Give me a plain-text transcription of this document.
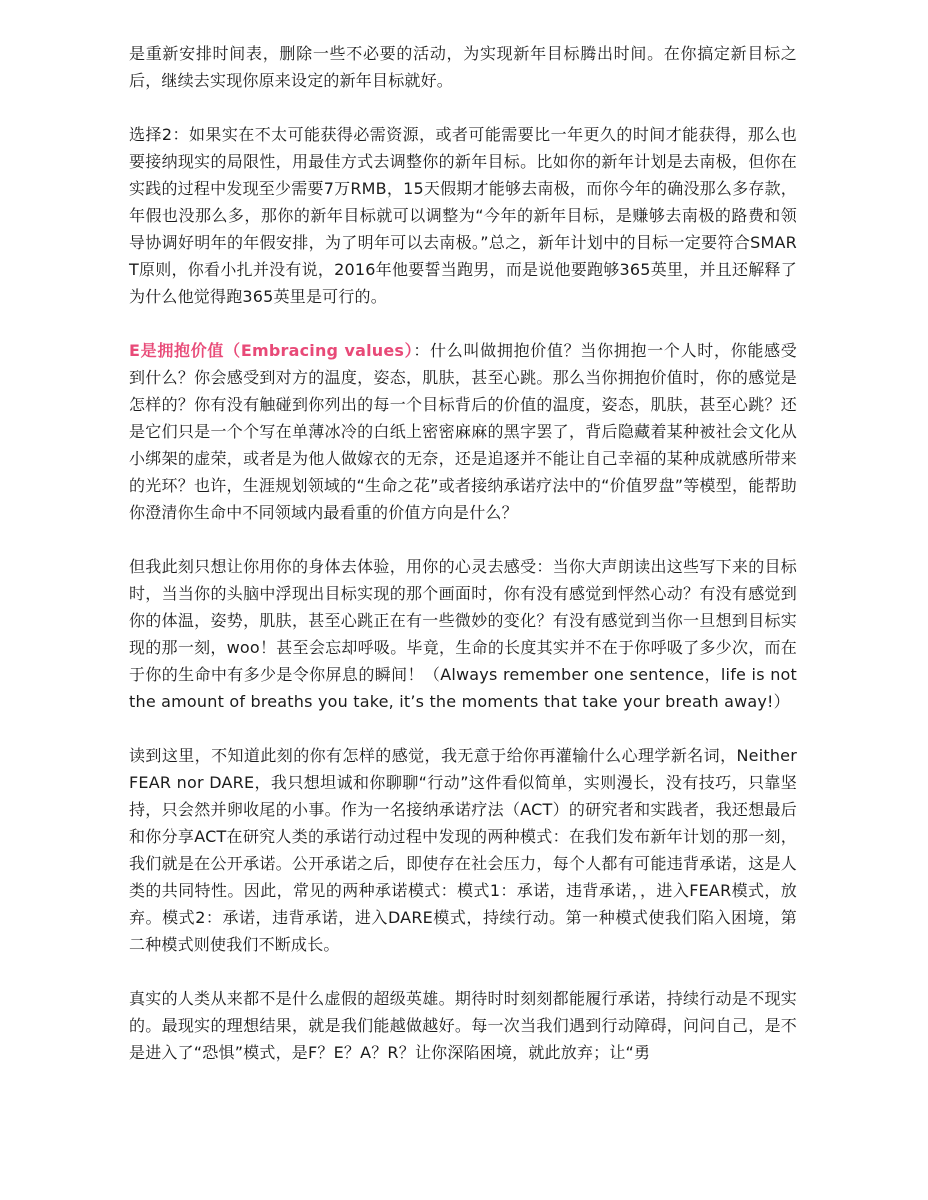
是重新安排时间表，删除一些不必要的活动，为实现新年目标腾出时间。在你搞定新目标之后，继续去实现你原来设定的新年目标就好。

选择2：如果实在不太可能获得必需资源，或者可能需要比一年更久的时间才能获得，那么也要接纳现实的局限性，用最佳方式去调整你的新年目标。比如你的新年计划是去南极，但你在实践的过程中发现至少需要7万RMB，15天假期才能够去南极，而你今年的确没那么多存款，年假也没那么多，那你的新年目标就可以调整为“今年的新年目标，是赚够去南极的路费和领导协调好明年的年假安排，为了明年可以去南极。”总之，新年计划中的目标一定要符合SMART原则，你看小扎并没有说，2016年他要誓当跑男，而是说他要跑够365英里，并且还解释了为什么他觉得跑365英里是可行的。

E是拥抱价值（Embracing values）：什么叫做拥抱价值？当你拥抱一个人时，你能感受到什么？你会感受到对方的温度，姿态，肌肤，甚至心跳。那么当你拥抱价值时，你的感觉是怎样的？你有没有触碰到你列出的每一个目标背后的价值的温度，姿态，肌肤，甚至心跳？还是它们只是一个个写在单薄冰冷的白纸上密密麻麻的黑字罢了，背后隐藏着某种被社会文化从小绑架的虚荣，或者是为他人做嫁衣的无奈，还是追逐并不能让自己幸福的某种成就感所带来的光环？也许，生涯规划领域的“生命之花”或者接纳承诺疗法中的“价值罗盘”等模型，能帮助你澄清你生命中不同领域内最看重的价值方向是什么？

但我此刻只想让你用你的身体去体验，用你的心灵去感受：当你大声朗读出这些写下来的目标时，当当你的头脑中浮现出目标实现的那个画面时，你有没有感觉到怦然心动？有没有感觉到你的体温，姿势，肌肤，甚至心跳正在有一些微妙的变化？有没有感觉到当你一旦想到目标实现的那一刻，woo！甚至会忘却呼吸。毕竟，生命的长度其实并不在于你呼吸了多少次，而在于你的生命中有多少是令你屏息的瞬间！（Always remember one sentence，life is not the amount of breaths you take, it’s the moments that take your breath away!）

读到这里，不知道此刻的你有怎样的感觉，我无意于给你再灌输什么心理学新名词，Neither FEAR nor DARE，我只想坦诚和你聊聊“行动”这件看似简单，实则漫长，没有技巧，只靠坚持，只会然并卵收尾的小事。作为一名接纳承诺疗法（ACT）的研究者和实践者，我还想最后和你分享ACT在研究人类的承诺行动过程中发现的两种模式：在我们发布新年计划的那一刻，我们就是在公开承诺。公开承诺之后，即使存在社会压力，每个人都有可能违背承诺，这是人类的共同特性。因此，常见的两种承诺模式：模式1：承诺，违背承诺，，进入FEAR模式，放弃。模式2：承诺，违背承诺，进入DARE模式，持续行动。第一种模式使我们陷入困境，第二种模式则使我们不断成长。

真实的人类从来都不是什么虚假的超级英雄。期待时时刻刻都能履行承诺，持续行动是不现实的。最现实的理想结果，就是我们能越做越好。每一次当我们遇到行动障碍，问问自己，是不是进入了“恐惧”模式，是F？E？A？R？让你深陷困境，就此放弃；让“勇
